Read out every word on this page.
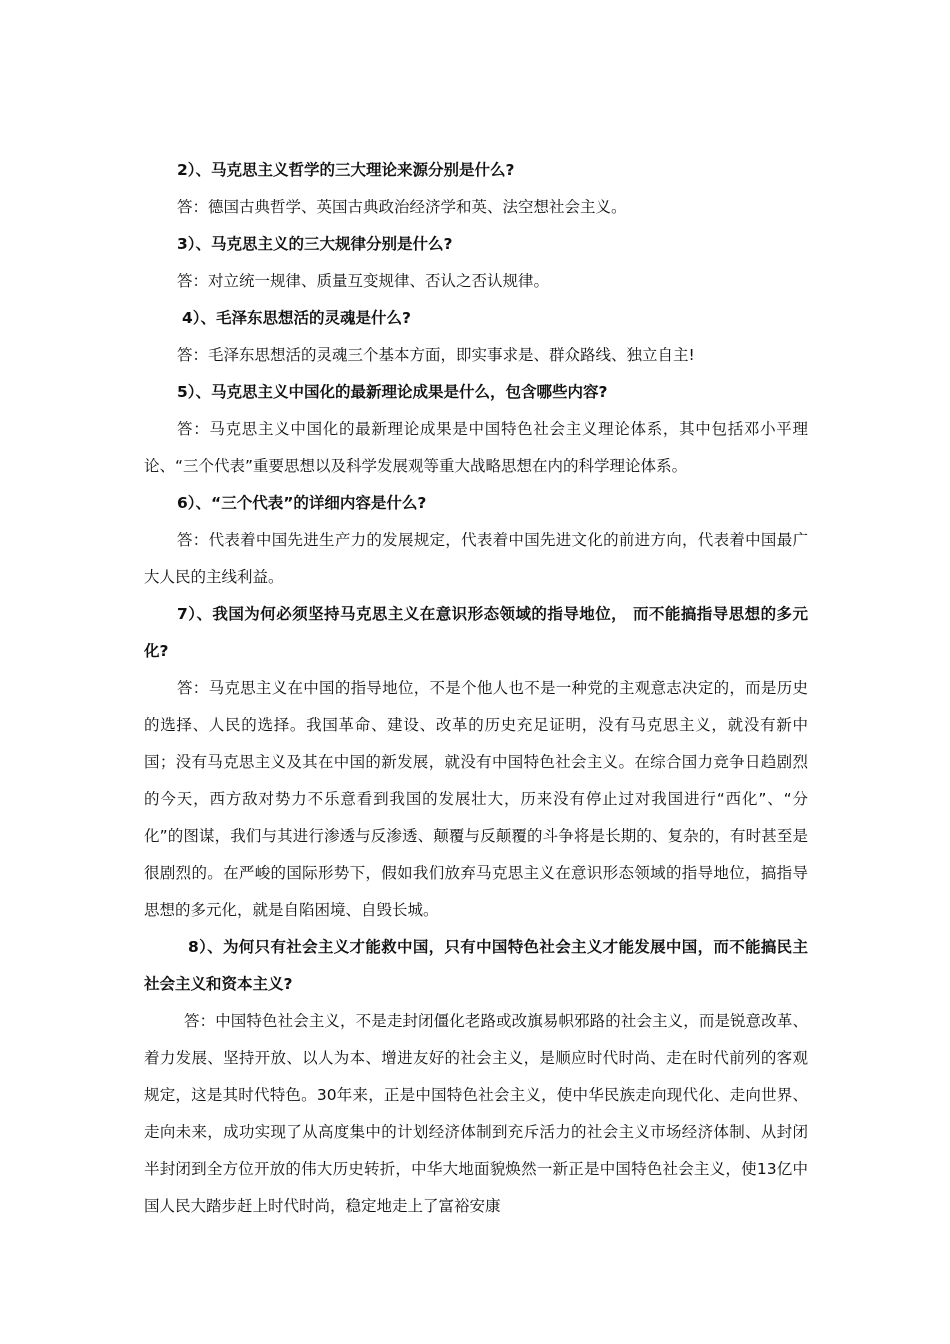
2）、马克思主义哲学的三大理论来源分别是什么?

答：德国古典哲学、英国古典政治经济学和英、法空想社会主义。

3）、马克思主义的三大规律分别是什么?

答：对立统一规律、质量互变规律、否认之否认规律。

4）、毛泽东思想活的灵魂是什么?

答：毛泽东思想活的灵魂三个基本方面，即实事求是、群众路线、独立自主!

5）、马克思主义中国化的最新理论成果是什么，包含哪些内容?

答：马克思主义中国化的最新理论成果是中国特色社会主义理论体系，其中包括邓小平理论、“三个代表”重要思想以及科学发展观等重大战略思想在内的科学理论体系。

6）、“三个代表”的详细内容是什么?

答：代表着中国先进生产力的发展规定，代表着中国先进文化的前进方向，代表着中国最广大人民的主线利益。

7）、我国为何必须坚持马克思主义在意识形态领域的指导地位， 而不能搞指导思想的多元化?

答：马克思主义在中国的指导地位，不是个他人也不是一种党的主观意志决定的，而是历史的选择、人民的选择。我国革命、建设、改革的历史充足证明，没有马克思主义，就没有新中国；没有马克思主义及其在中国的新发展，就没有中国特色社会主义。在综合国力竞争日趋剧烈的今天，西方敌对势力不乐意看到我国的发展壮大，历来没有停止过对我国进行“西化”、“分化”的图谋，我们与其进行渗透与反渗透、颠覆与反颠覆的斗争将是长期的、复杂的，有时甚至是很剧烈的。在严峻的国际形势下，假如我们放弃马克思主义在意识形态领域的指导地位，搞指导思想的多元化，就是自陷困境、自毁长城。

8）、为何只有社会主义才能救中国，只有中国特色社会主义才能发展中国，而不能搞民主社会主义和资本主义?

答：中国特色社会主义，不是走封闭僵化老路或改旗易帜邪路的社会主义，而是锐意改革、着力发展、坚持开放、以人为本、增进友好的社会主义，是顺应时代时尚、走在时代前列的客观规定，这是其时代特色。30年来，正是中国特色社会主义，使中华民族走向现代化、走向世界、走向未来，成功实现了从高度集中的计划经济体制到充斥活力的社会主义市场经济体制、从封闭半封闭到全方位开放的伟大历史转折，中华大地面貌焕然一新正是中国特色社会主义，使13亿中国人民大踏步赶上时代时尚，稳定地走上了富裕安康
